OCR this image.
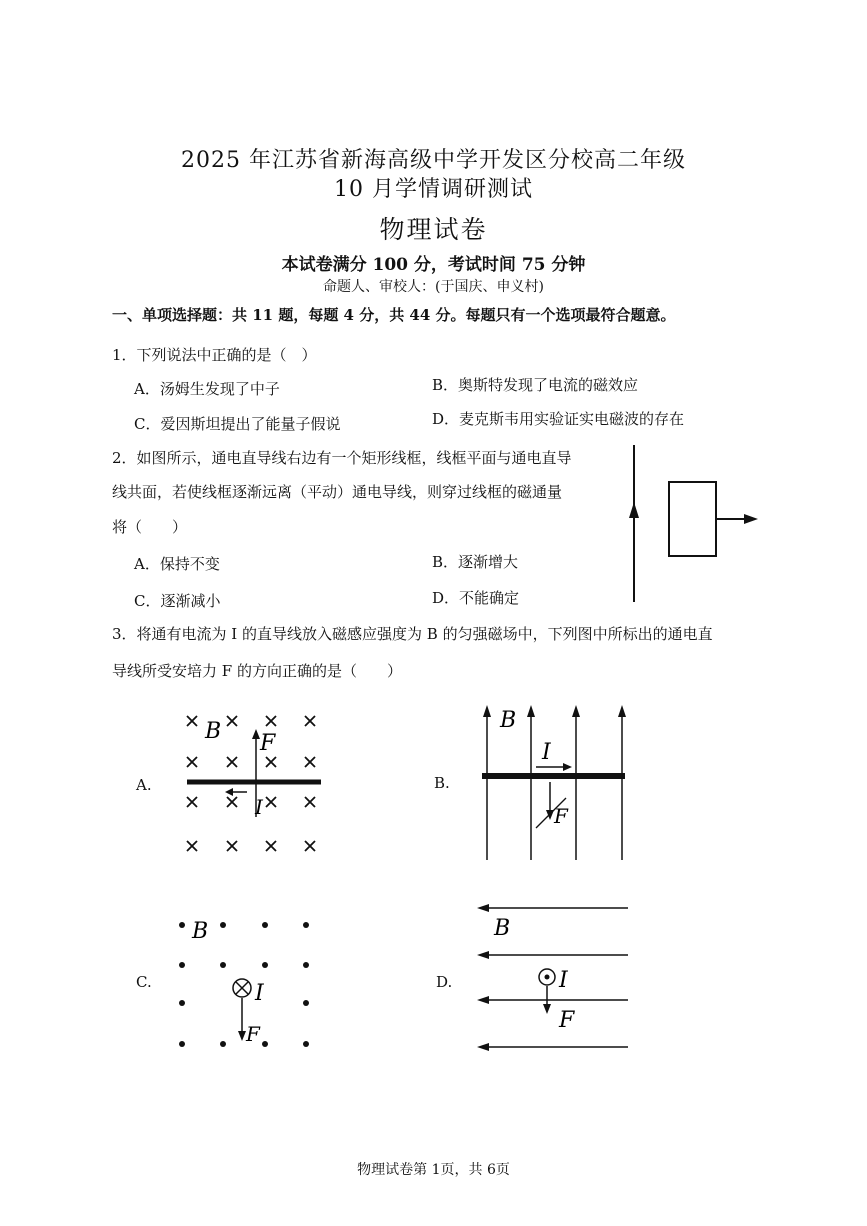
2025 年江苏省新海高级中学开发区分校高二年级
10 月学情调研测试
物理试卷
本试卷满分 100 分，考试时间 75 分钟
命题人、审校人：(于国庆、申义村)
一、单项选择题：共 11 题，每题 4 分，共 44 分。每题只有一个选项最符合题意。
1．下列说法中正确的是（　）
A．汤姆生发现了中子	B．奥斯特发现了电流的磁效应
C．爱因斯坦提出了能量子假说	D．麦克斯韦用实验证实电磁波的存在
2．如图所示，通电直导线右边有一个矩形线框，线框平面与通电直导
线共面，若使线框逐渐远离（平动）通电导线，则穿过线框的磁通量
将（　　）
A．保持不变	B．逐渐增大
C．逐渐减小	D．不能确定
3．将通有电流为 I 的直导线放入磁感应强度为 B 的匀强磁场中，下列图中所标出的通电直
导线所受安培力 F 的方向正确的是（　　）
A.
B F
I
B.
B
I
F
C.
B
I
F
D.
B
I
F
物理试卷第 1页，共 6页
